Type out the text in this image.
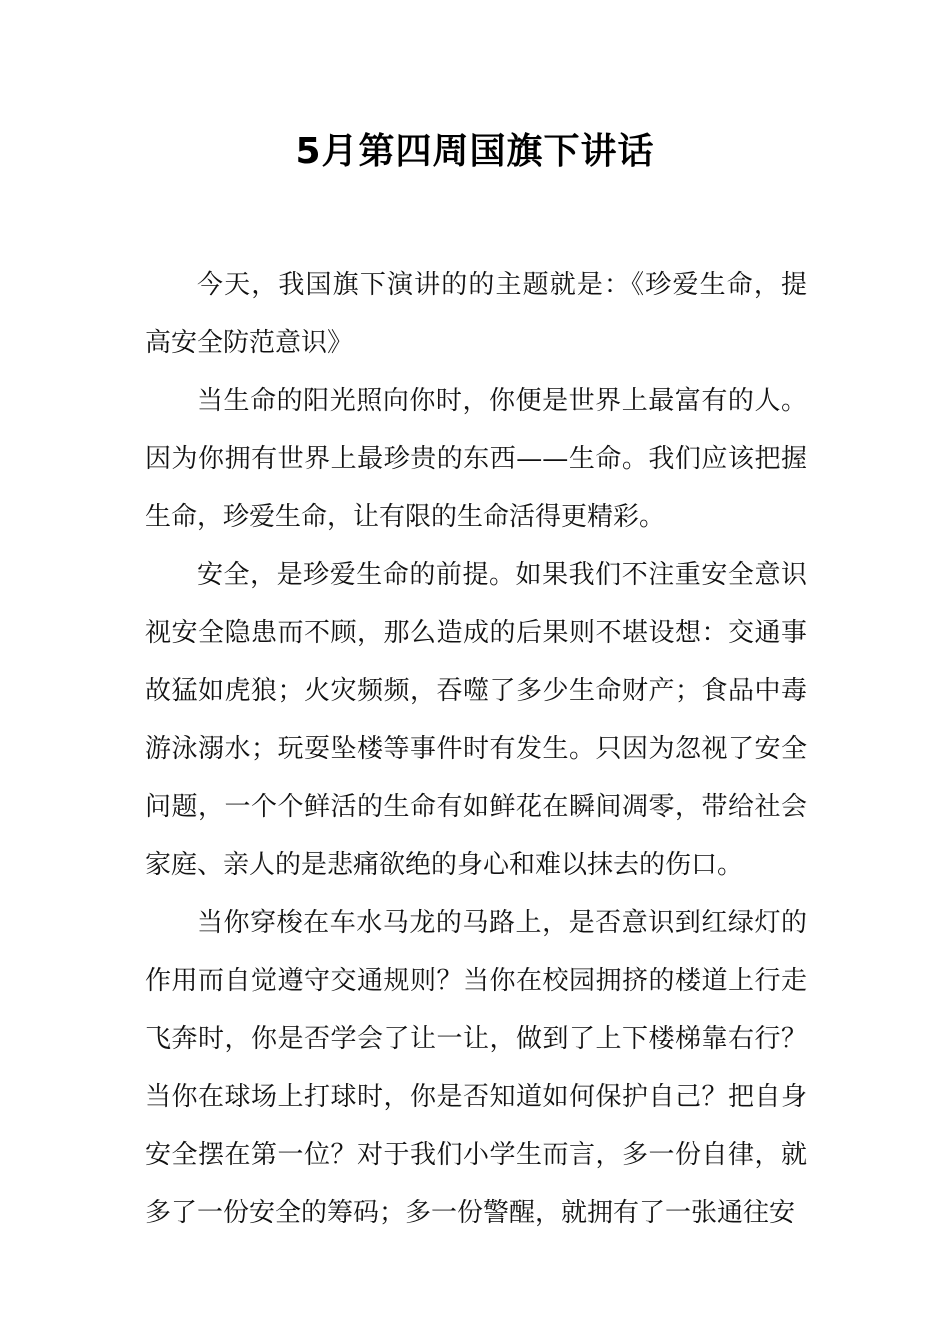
5月第四周国旗下讲话

今天，我国旗下演讲的的主题就是：《珍爱生命，提高安全防范意识》

当生命的阳光照向你时，你便是世界上最富有的人。因为你拥有世界上最珍贵的东西——生命。我们应该把握生命，珍爱生命，让有限的生命活得更精彩。

安全，是珍爱生命的前提。如果我们不注重安全意识视安全隐患而不顾，那么造成的后果则不堪设想：交通事故猛如虎狼；火灾频频，吞噬了多少生命财产；食品中毒游泳溺水；玩耍坠楼等事件时有发生。只因为忽视了安全问题，一个个鲜活的生命有如鲜花在瞬间凋零，带给社会家庭、亲人的是悲痛欲绝的身心和难以抹去的伤口。

当你穿梭在车水马龙的马路上，是否意识到红绿灯的作用而自觉遵守交通规则？当你在校园拥挤的楼道上行走飞奔时，你是否学会了让一让，做到了上下楼梯靠右行？当你在球场上打球时，你是否知道如何保护自己？把自身安全摆在第一位？对于我们小学生而言，多一份自律，就多了一份安全的筹码；多一份警醒，就拥有了一张通往安
